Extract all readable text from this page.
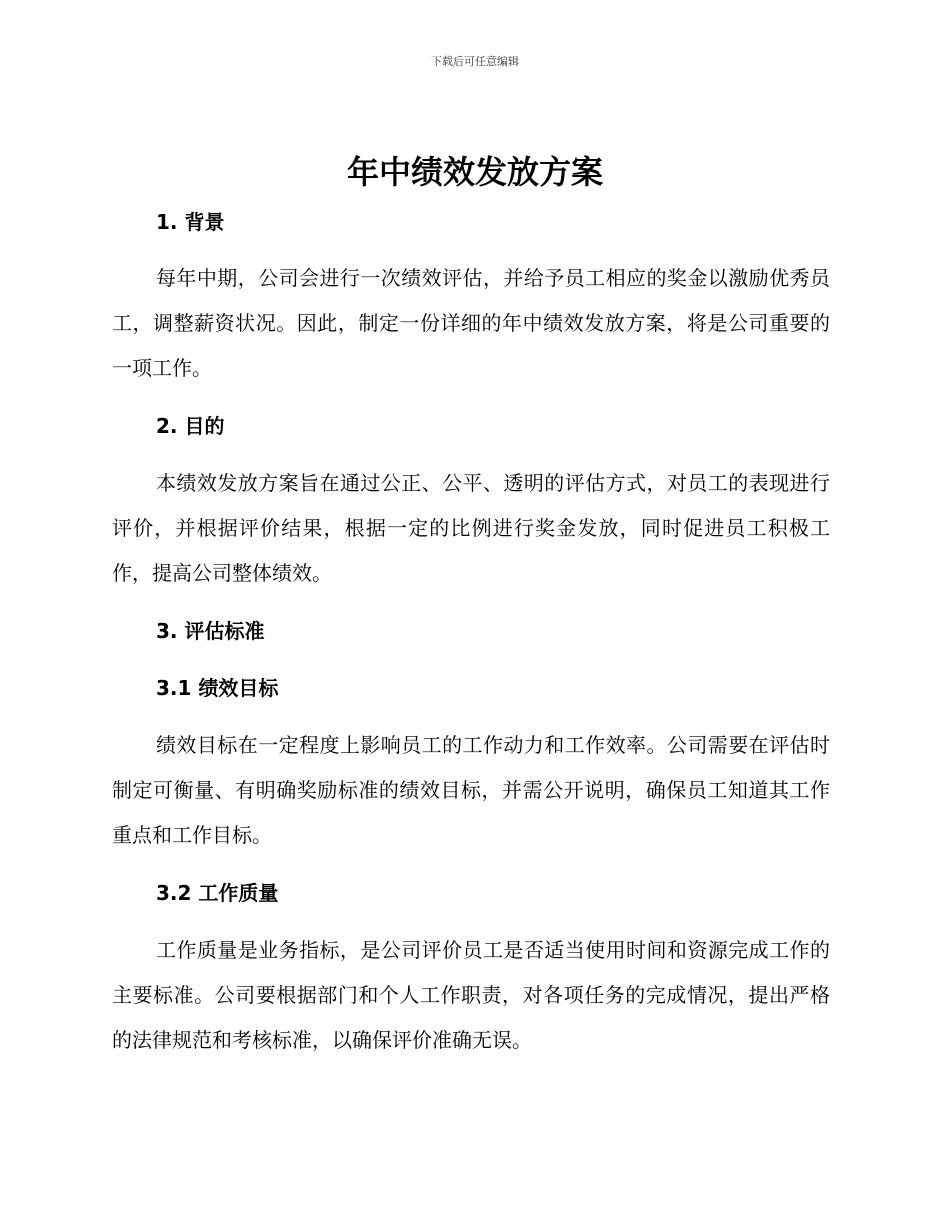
下载后可任意编辑
年中绩效发放方案
1. 背景

每年中期，公司会进行一次绩效评估，并给予员工相应的奖金以激励优秀员工，调整薪资状况。因此，制定一份详细的年中绩效发放方案，将是公司重要的一项工作。

2. 目的

本绩效发放方案旨在通过公正、公平、透明的评估方式，对员工的表现进行评价，并根据评价结果，根据一定的比例进行奖金发放，同时促进员工积极工作，提高公司整体绩效。

3. 评估标准
3.1 绩效目标

绩效目标在一定程度上影响员工的工作动力和工作效率。公司需要在评估时制定可衡量、有明确奖励标准的绩效目标，并需公开说明，确保员工知道其工作重点和工作目标。

3.2 工作质量

工作质量是业务指标，是公司评价员工是否适当使用时间和资源完成工作的主要标准。公司要根据部门和个人工作职责，对各项任务的完成情况，提出严格的法律规范和考核标准，以确保评价准确无误。
